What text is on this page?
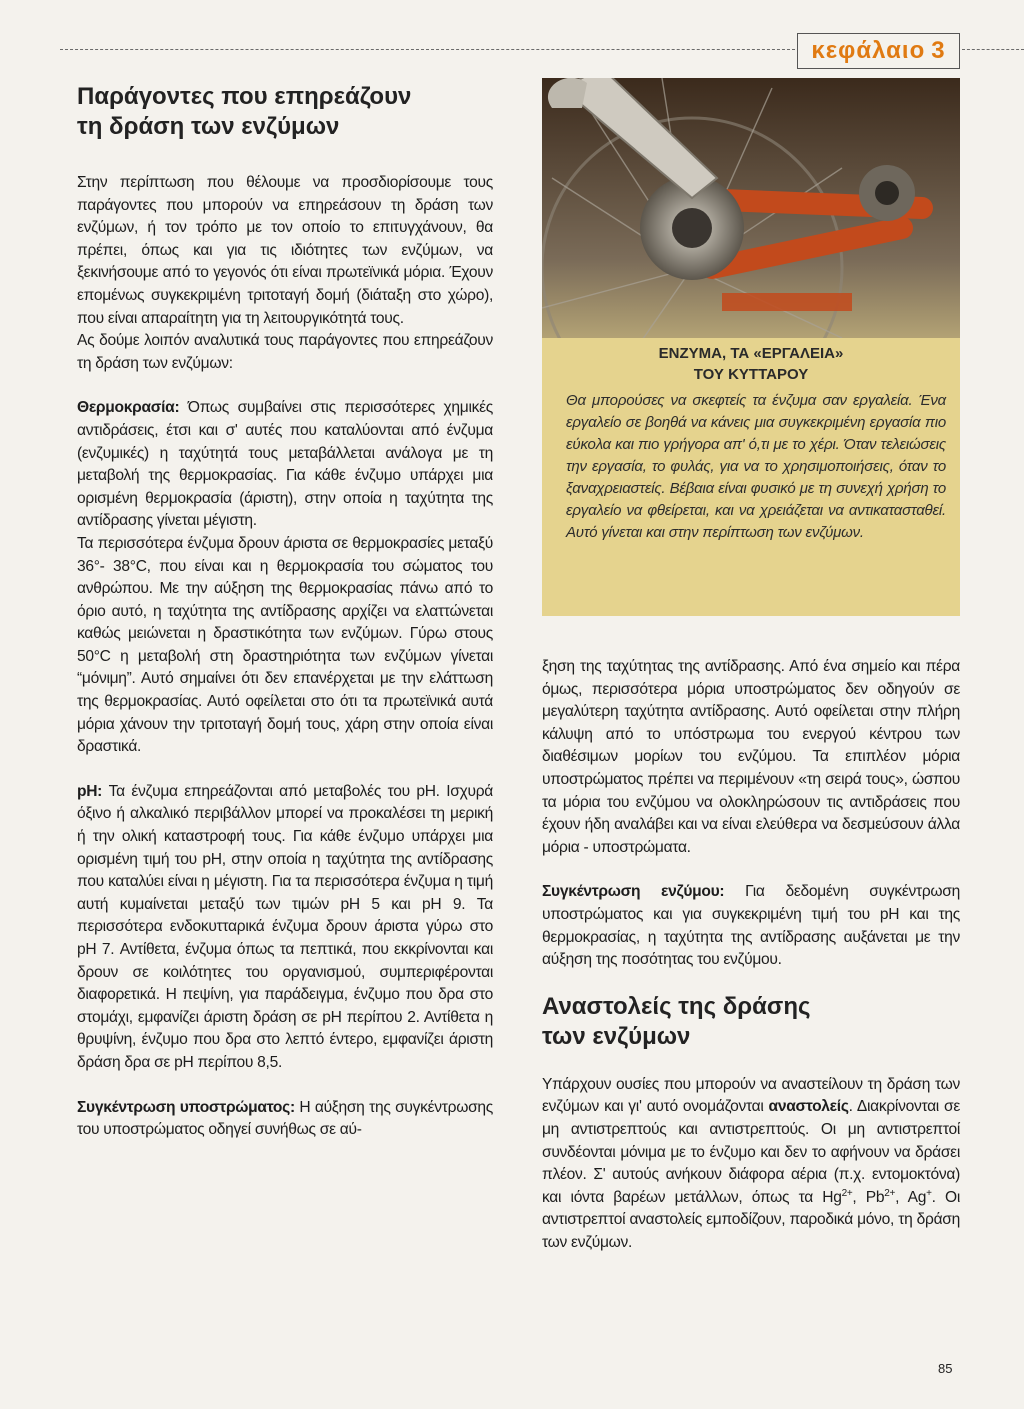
κεφάλαιο 3
Παράγοντες που επηρεάζουν
τη δράση των ενζύμων

Στην περίπτωση που θέλουμε να προσδιορίσουμε τους παράγοντες που μπορούν να επηρεάσουν τη δράση των ενζύμων, ή τον τρόπο με τον οποίο το επιτυγχάνουν, θα πρέπει, όπως και για τις ιδιότητες των ενζύμων, να ξεκινήσουμε από το γεγονός ότι είναι πρωτεϊνικά μόρια. Έχουν επομένως συγκεκριμένη τριτοταγή δομή (διάταξη στο χώρο), που είναι απαραίτητη για τη λειτουργικότητά τους.

Ας δούμε λοιπόν αναλυτικά τους παράγοντες που επηρεάζουν τη δράση των ενζύμων:

Θερμοκρασία: Όπως συμβαίνει στις περισσότερες χημικές αντιδράσεις, έτσι και σ' αυτές που καταλύονται από ένζυμα (ενζυμικές) η ταχύτητά τους μεταβάλλεται ανάλογα με τη μεταβολή της θερμοκρασίας. Για κάθε ένζυμο υπάρχει μια ορισμένη θερμοκρασία (άριστη), στην οποία η ταχύτητα της αντίδρασης γίνεται μέγιστη.

Τα περισσότερα ένζυμα δρουν άριστα σε θερμοκρασίες μεταξύ 36°- 38°C, που είναι και η θερμοκρασία του σώματος του ανθρώπου. Με την αύξηση της θερμοκρασίας πάνω από το όριο αυτό, η ταχύτητα της αντίδρασης αρχίζει να ελαττώνεται καθώς μειώνεται η δραστικότητα των ενζύμων. Γύρω στους 50°C η μεταβολή στη δραστηριότητα των ενζύμων γίνεται “μόνιμη”. Αυτό σημαίνει ότι δεν επανέρχεται με την ελάττωση της θερμοκρασίας. Αυτό οφείλεται στο ότι τα πρωτεϊνικά αυτά μόρια χάνουν την τριτοταγή δομή τους, χάρη στην οποία είναι δραστικά.

pH: Τα ένζυμα επηρεάζονται από μεταβολές του pH. Ισχυρά όξινο ή αλκαλικό περιβάλλον μπορεί να προκαλέσει τη μερική ή την ολική καταστροφή τους. Για κάθε ένζυμο υπάρχει μια ορισμένη τιμή του pH, στην οποία η ταχύτητα της αντίδρασης που καταλύει είναι η μέγιστη. Για τα περισσότερα ένζυμα η τιμή αυτή κυμαίνεται μεταξύ των τιμών pH 5 και pH 9. Τα περισσότερα ενδοκυτταρικά ένζυμα δρουν άριστα γύρω στο pH 7. Αντίθετα, ένζυμα όπως τα πεπτικά, που εκκρίνονται και δρουν σε κοιλότητες του οργανισμού, συμπεριφέρονται διαφορετικά. Η πεψίνη, για παράδειγμα, ένζυμο που δρα στο στομάχι, εμφανίζει άριστη δράση σε pH περίπου 2. Αντίθετα η θρυψίνη, ένζυμο που δρα στο λεπτό έντερο, εμφανίζει άριστη δράση δρα σε pH περίπου 8,5.

Συγκέντρωση υποστρώματος: Η αύξηση της συγκέντρωσης του υποστρώματος οδηγεί συνήθως σε αύ-

ΕΝΖΥΜΑ, ΤΑ «ΕΡΓΑΛΕΙΑ»
ΤΟΥ ΚΥΤΤΑΡΟΥ
Θα μπορούσες να σκεφτείς τα ένζυμα σαν εργαλεία. Ένα εργαλείο σε βοηθά να κάνεις μια συγκεκριμένη εργασία πιο εύκολα και πιο γρήγορα απ' ό,τι με το χέρι. Όταν τελειώσεις την εργασία, το φυλάς, για να το χρησιμοποιήσεις, όταν το ξαναχρειαστείς. Βέβαια είναι φυσικό με τη συνεχή χρήση το εργαλείο να φθείρεται, και να χρειάζεται να αντικατασταθεί. Αυτό γίνεται και στην περίπτωση των ενζύμων.

ξηση της ταχύτητας της αντίδρασης. Από ένα σημείο και πέρα όμως, περισσότερα μόρια υποστρώματος δεν οδηγούν σε μεγαλύτερη ταχύτητα αντίδρασης. Αυτό οφείλεται στην πλήρη κάλυψη από το υπόστρωμα του ενεργού κέντρου των διαθέσιμων μορίων του ενζύμου. Τα επιπλέον μόρια υποστρώματος πρέπει να περιμένουν «τη σειρά τους», ώσπου τα μόρια του ενζύμου να ολοκληρώσουν τις αντιδράσεις που έχουν ήδη αναλάβει και να είναι ελεύθερα να δεσμεύσουν άλλα μόρια - υποστρώματα.

Συγκέντρωση ενζύμου: Για δεδομένη συγκέντρωση υποστρώματος και για συγκεκριμένη τιμή του pH και της θερμοκρασίας, η ταχύτητα της αντίδρασης αυξάνεται με την αύξηση της ποσότητας του ενζύμου.

Αναστολείς της δράσης
των ενζύμων

Υπάρχουν ουσίες που μπορούν να αναστείλουν τη δράση των ενζύμων και γι' αυτό ονομάζονται αναστολείς. Διακρίνονται σε μη αντιστρεπτούς και αντιστρεπτούς. Οι μη αντιστρεπτοί συνδέονται μόνιμα με το ένζυμο και δεν το αφήνουν να δράσει πλέον. Σ' αυτούς ανήκουν διάφορα αέρια (π.χ. εντομοκτόνα) και ιόντα βαρέων μετάλλων, όπως τα $Hg^{2+}$, $Pb^{2+}$, Ag+. Οι αντιστρεπτοί αναστολείς εμποδίζουν, παροδικά μόνο, τη δράση των ενζύμων.

85
